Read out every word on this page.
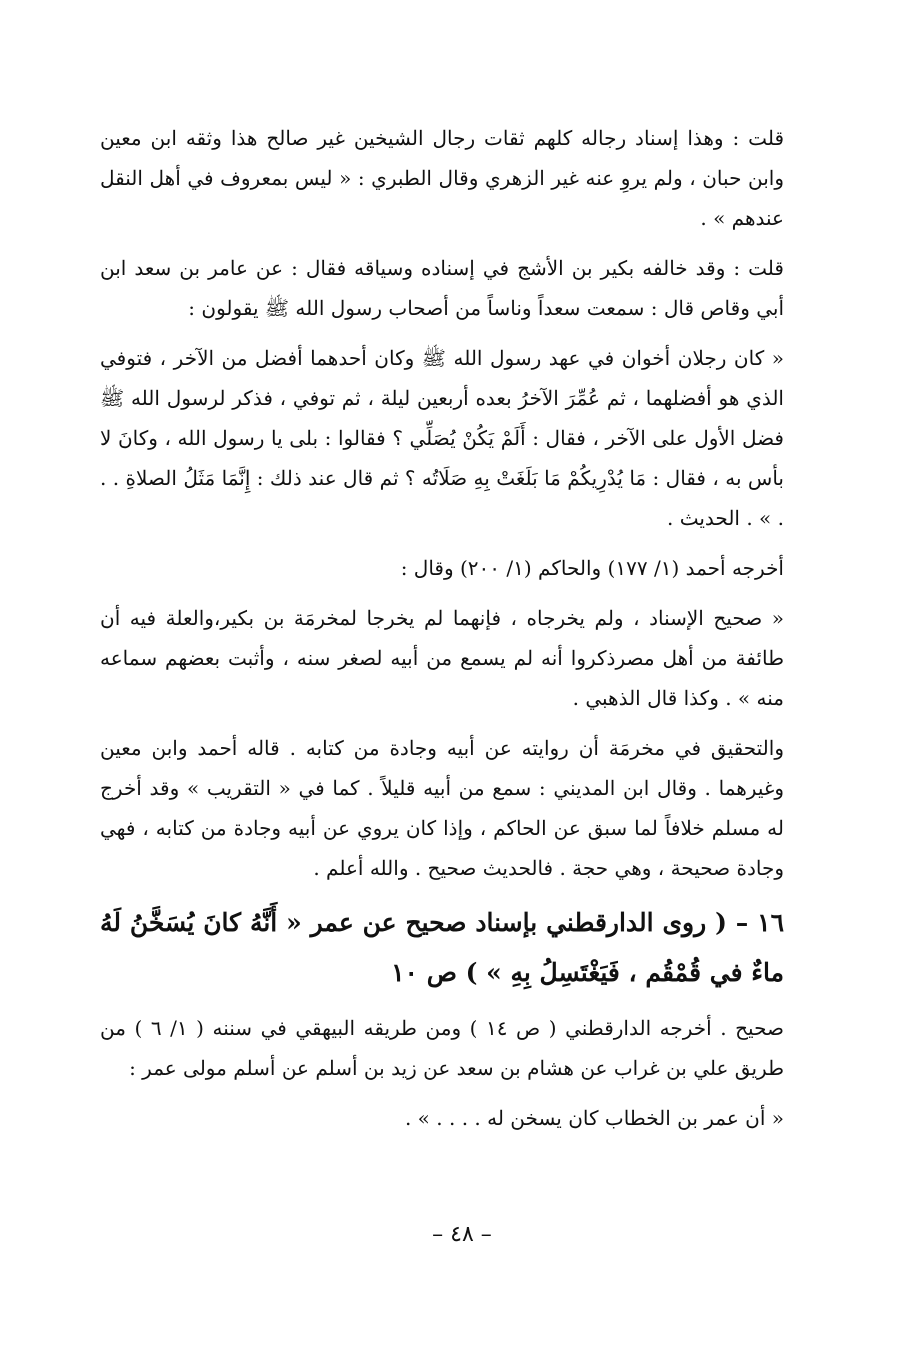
قلت : وهذا إسناد رجاله كلهم ثقات رجال الشيخين غير صالح هذا وثقه ابن معين وابن حبان ، ولم يروِ عنه غير الزهري وقال الطبري : « ليس بمعروف في أهل النقل عندهم » .

قلت : وقد خالفه بكير بن الأشج في إسناده وسياقه فقال : عن عامر بن سعد ابن أبي وقاص قال : سمعت سعداً وناساً من أصحاب رسول الله ﷺ يقولون :

« كان رجلان أخوان في عهد رسول الله ﷺ وكان أحدهما أفضل من الآخر ، فتوفي الذي هو أفضلهما ، ثم عُمِّرَ الآخرُ بعده أربعين ليلة ، ثم توفي ، فذكر لرسول الله ﷺ فضل الأول على الآخر ، فقال : أَلَمْ يَكُنْ يُصَلِّي ؟ فقالوا : بلى يا رسول الله ، وكانَ لا بأس به ، فقال : مَا يُدْرِيكُمْ مَا بَلَغَتْ بِهِ صَلَاتُه ؟ ثم قال عند ذلك : إِنَّمَا مَثَلُ الصلاةِ . . . » . الحديث .

أخرجه أحمد (١/ ١٧٧) والحاكم (١/ ٢٠٠) وقال :

« صحيح الإسناد ، ولم يخرجاه ، فإنهما لم يخرجا لمخرمَة بن بكير،والعلة فيه أن طائفة من أهل مصرذكروا أنه لم يسمع من أبيه لصغر سنه ، وأثبت بعضهم سماعه منه » . وكذا قال الذهبي .

والتحقيق في مخرمَة أن روايته عن أبيه وجادة من كتابه . قاله أحمد وابن معين وغيرهما . وقال ابن المديني : سمع من أبيه قليلاً . كما في « التقريب » وقد أخرج له مسلم خلافاً لما سبق عن الحاكم ، وإذا كان يروي عن أبيه وجادة من كتابه ، فهي وجادة صحيحة ، وهي حجة . فالحديث صحيح . والله أعلم .

١٦ – ( روى الدارقطني بإسناد صحيح عن عمر « أَنَّهُ كانَ يُسَخَّنُ لَهُ ماءٌ في قُمْقُم ، فَيَغْتَسِلُ بِهِ » ) ص ١٠

صحيح . أخرجه الدارقطني ( ص ١٤ ) ومن طريقه البيهقي في سننه ( ١/ ٦ ) من طريق علي بن غراب عن هشام بن سعد عن زيد بن أسلم عن أسلم مولى عمر :

« أن عمر بن الخطاب كان يسخن له . . . . » .

– ٤٨ –
